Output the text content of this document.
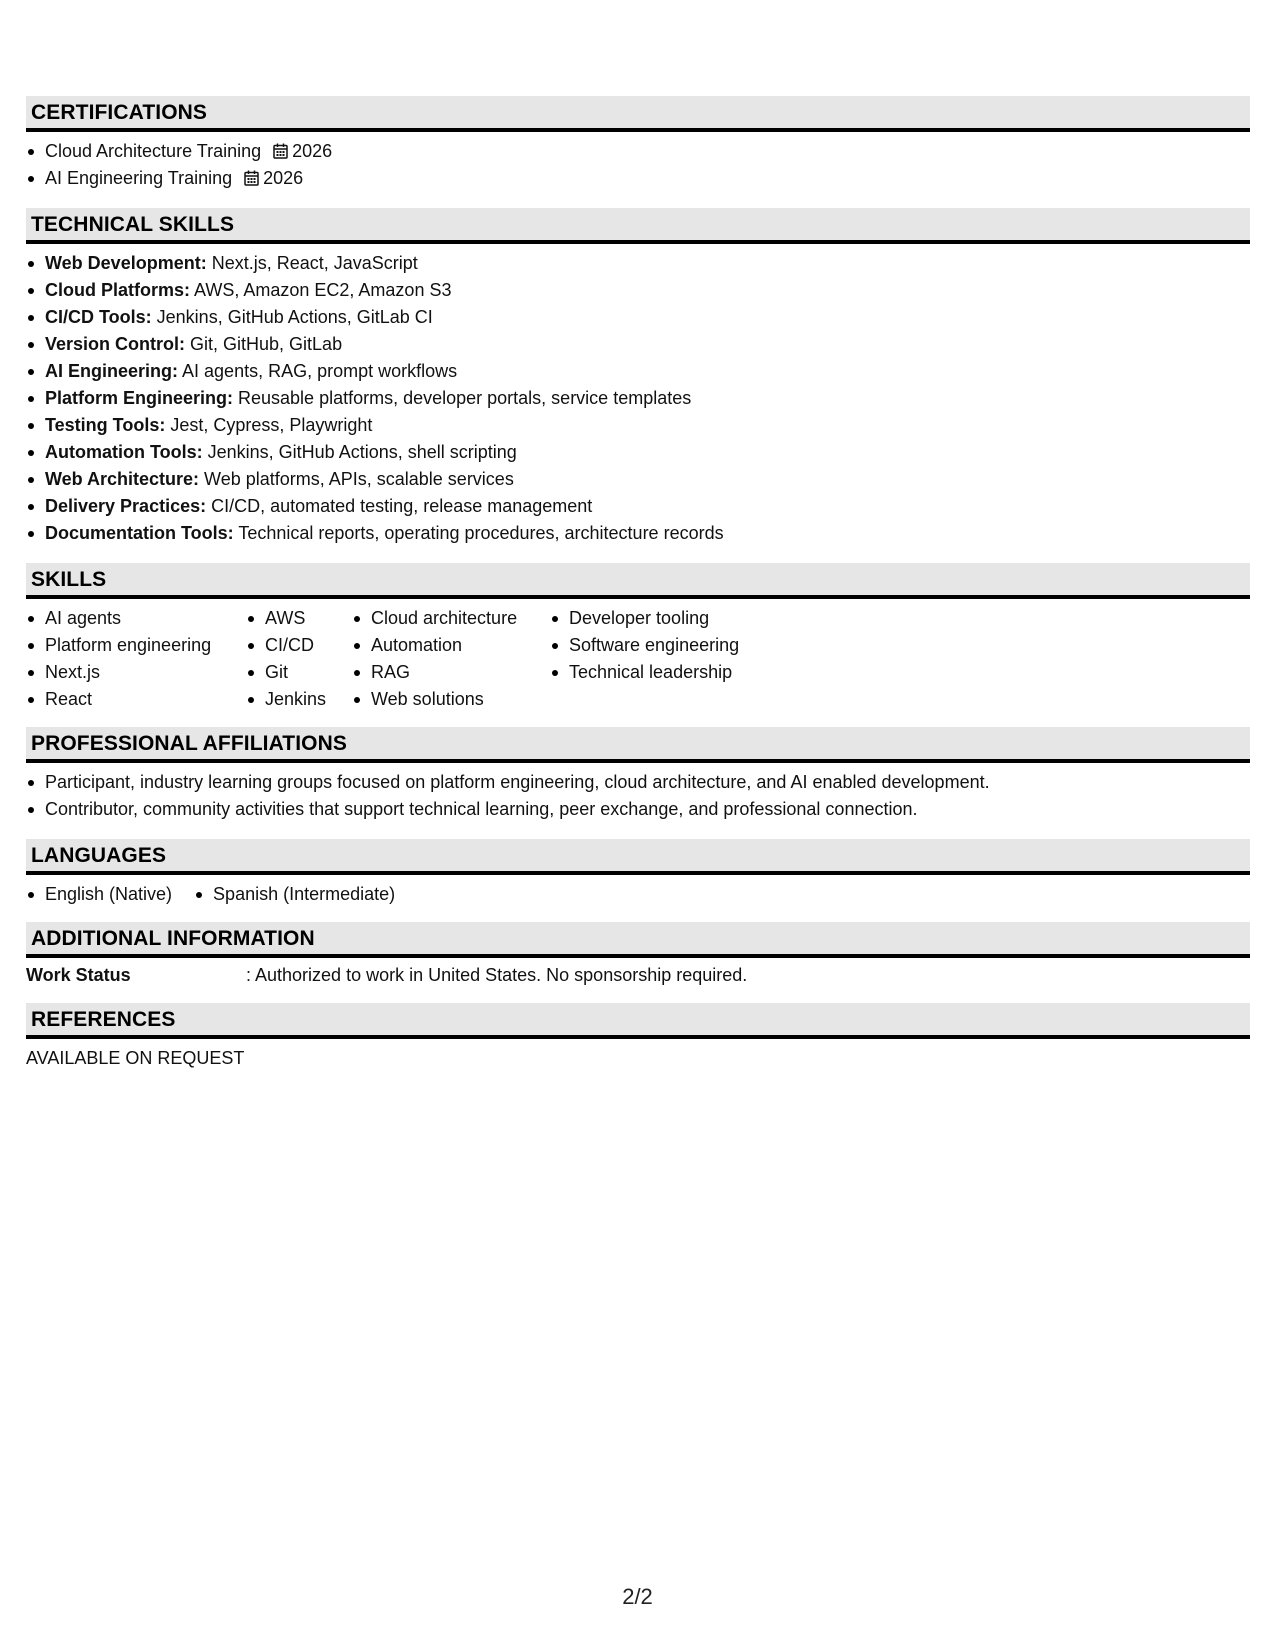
CERTIFICATIONS
Cloud Architecture Training 2026
AI Engineering Training 2026
TECHNICAL SKILLS
Web Development: Next.js, React, JavaScript
Cloud Platforms: AWS, Amazon EC2, Amazon S3
CI/CD Tools: Jenkins, GitHub Actions, GitLab CI
Version Control: Git, GitHub, GitLab
AI Engineering: AI agents, RAG, prompt workflows
Platform Engineering: Reusable platforms, developer portals, service templates
Testing Tools: Jest, Cypress, Playwright
Automation Tools: Jenkins, GitHub Actions, shell scripting
Web Architecture: Web platforms, APIs, scalable services
Delivery Practices: CI/CD, automated testing, release management
Documentation Tools: Technical reports, operating procedures, architecture records
SKILLS
AI agents
Platform engineering
Next.js
React
AWS
CI/CD
Git
Jenkins
Cloud architecture
Automation
RAG
Web solutions
Developer tooling
Software engineering
Technical leadership
PROFESSIONAL AFFILIATIONS
Participant, industry learning groups focused on platform engineering, cloud architecture, and AI enabled development.
Contributor, community activities that support technical learning, peer exchange, and professional connection.
LANGUAGES
English (Native)	Spanish (Intermediate)
ADDITIONAL INFORMATION
Work Status	: Authorized to work in United States. No sponsorship required.
REFERENCES
AVAILABLE ON REQUEST
2/2
